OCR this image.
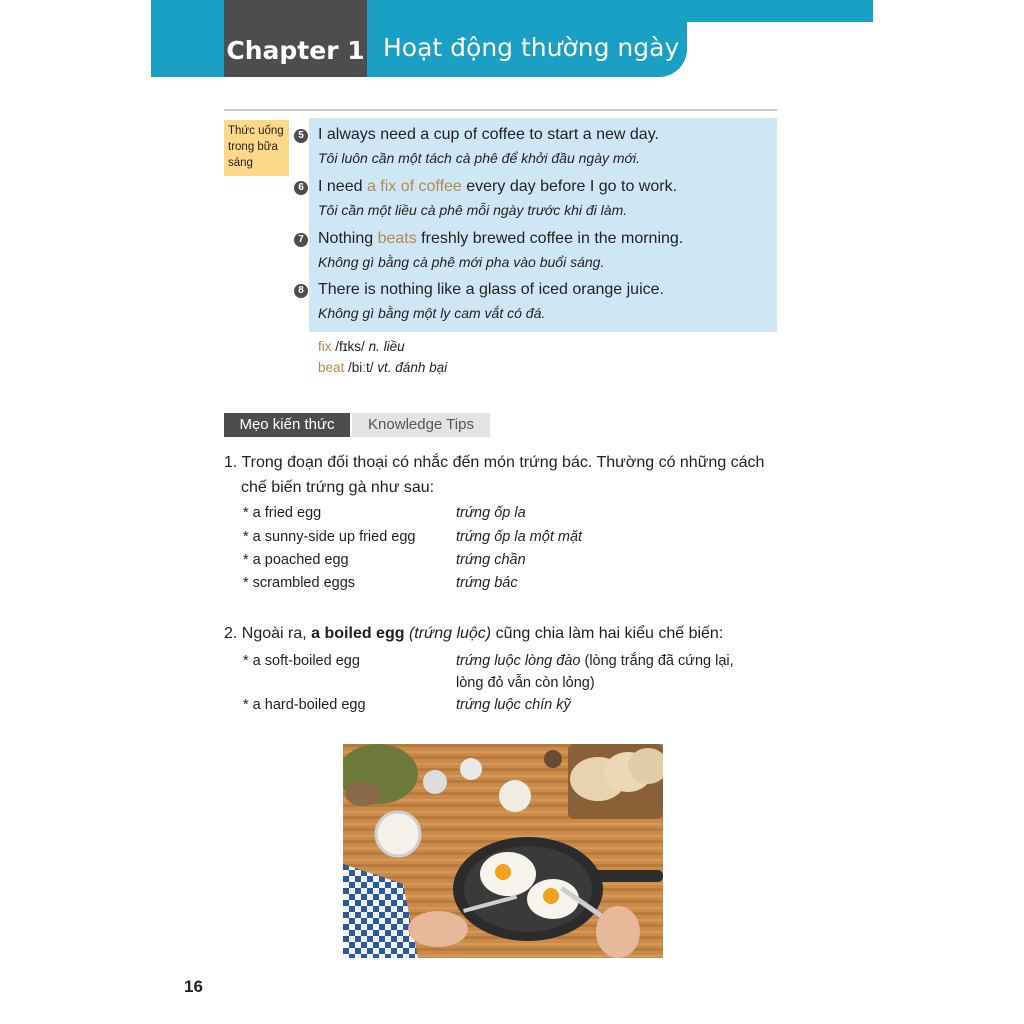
Chapter 1 Hoạt động thường ngày
Thức uống trong bữa sáng
5 I always need a cup of coffee to start a new day.
Tôi luôn cần một tách cà phê để khởi đầu ngày mới.
6 I need a fix of coffee every day before I go to work.
Tôi cần một liều cà phê mỗi ngày trước khi đi làm.
7 Nothing beats freshly brewed coffee in the morning.
Không gì bằng cà phê mới pha vào buổi sáng.
8 There is nothing like a glass of iced orange juice.
Không gì bằng một ly cam vắt có đá.
fix /fɪks/ n. liều
beat /biːt/ vt. đánh bại
Mẹo kiến thức	Knowledge Tips
1. Trong đoạn đối thoại có nhắc đến món trứng bác. Thường có những cách
chế biến trứng gà như sau:
* a fried egg	trứng ốp la
* a sunny-side up fried egg	trứng ốp la một mặt
* a poached egg	trứng chần
* scrambled eggs	trứng bác
2. Ngoài ra, a boiled egg (trứng luộc) cũng chia làm hai kiểu chế biến:
* a soft-boiled egg	trứng luộc lòng đào (lòng trắng đã cứng lại,
lòng đỏ vẫn còn lỏng)
* a hard-boiled egg	trứng luộc chín kỹ
16
